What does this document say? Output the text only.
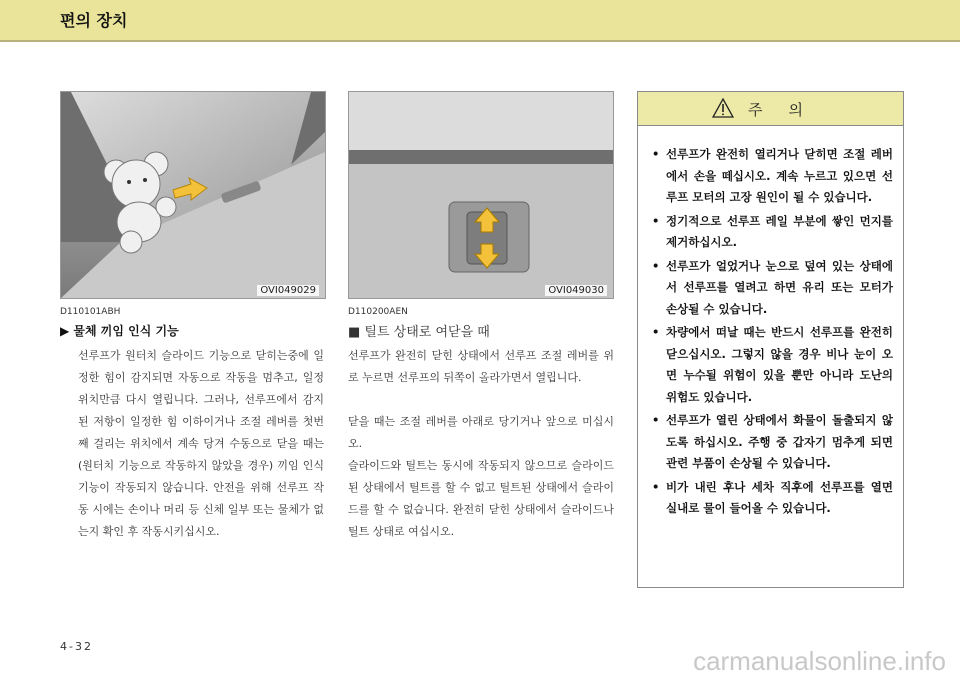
편의 장치
OVI049029	OVI049030
D110101ABH
▶ 물체 끼임 인식 기능
선루프가 원터치 슬라이드 기능으로 닫히는중에 일정한 힘이 감지되면 자동으로 작동을 멈추고, 일정 위치만큼 다시 열립니다. 그러나, 선루프에서 감지된 저항이 일정한 힘 이하이거나 조절 레버를 첫번째 걸리는 위치에서 계속 당겨 수동으로 닫을 때는(원터치 기능으로 작동하지 않았을 경우) 끼임 인식 기능이 작동되지 않습니다. 안전을 위해 선루프 작동 시에는 손이나 머리 등 신체 일부 또는 물체가 없는지 확인 후 작동시키십시오.
D110200AEN
■ 틸트 상태로 여닫을 때
선루프가 완전히 닫힌 상태에서 선루프 조절 레버를 위로 누르면 선루프의 뒤쪽이 올라가면서 열립니다.
닫을 때는 조절 레버를 아래로 당기거나 앞으로 미십시오.
슬라이드와 틸트는 동시에 작동되지 않으므로 슬라이드된 상태에서 틸트를 할 수 없고 틸트된 상태에서 슬라이드를 할 수 없습니다. 완전히 닫힌 상태에서 슬라이드나 틸트 상태로 여십시오.
주의
• 선루프가 완전히 열리거나 닫히면 조절 레버에서 손을 떼십시오. 계속 누르고 있으면 선루프 모터의 고장 원인이 될 수 있습니다.
• 정기적으로 선루프 레일 부분에 쌓인 먼지를 제거하십시오.
• 선루프가 얼었거나 눈으로 덮여 있는 상태에서 선루프를 열려고 하면 유리 또는 모터가 손상될 수 있습니다.
• 차량에서 떠날 때는 반드시 선루프를 완전히 닫으십시오. 그렇지 않을 경우 비나 눈이 오면 누수될 위험이 있을 뿐만 아니라 도난의 위험도 있습니다.
• 선루프가 열린 상태에서 화물이 돌출되지 않도록 하십시오. 주행 중 갑자기 멈추게 되면 관련 부품이 손상될 수 있습니다.
• 비가 내린 후나 세차 직후에 선루프를 열면 실내로 물이 들어올 수 있습니다.
4-32	carmanualsonline.info
